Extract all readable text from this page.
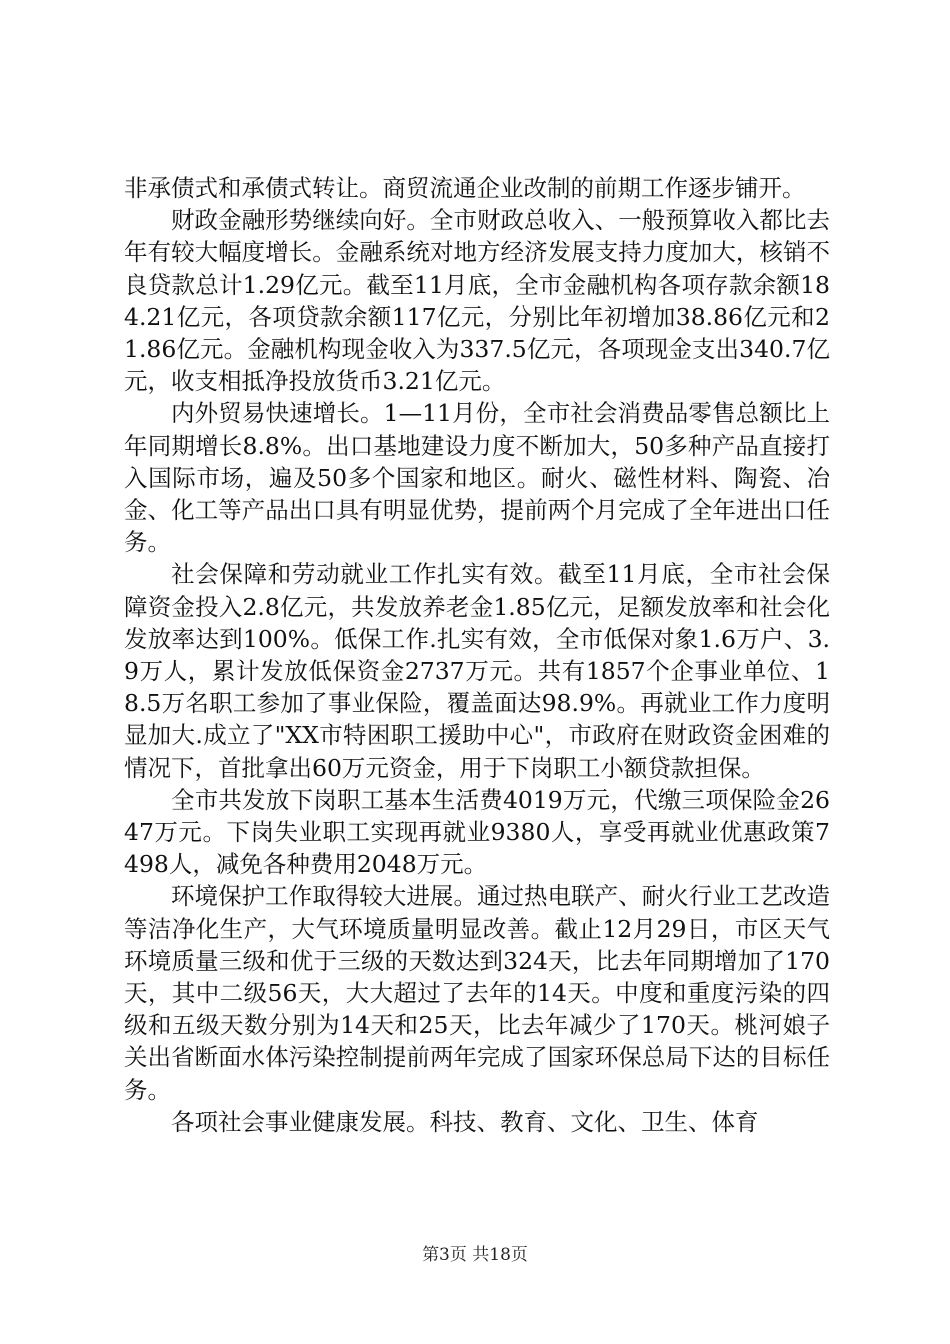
非承债式和承债式转让。商贸流通企业改制的前期工作逐步铺开。

财政金融形势继续向好。全市财政总收入、一般预算收入都比去年有较大幅度增长。金融系统对地方经济发展支持力度加大，核销不良贷款总计1.29亿元。截至11月底，全市金融机构各项存款余额184.21亿元，各项贷款余额117亿元，分别比年初增加38.86亿元和21.86亿元。金融机构现金收入为337.5亿元，各项现金支出340.7亿元，收支相抵净投放货币3.21亿元。

内外贸易快速增长。1—11月份，全市社会消费品零售总额比上年同期增长8.8%。出口基地建设力度不断加大，50多种产品直接打入国际市场，遍及50多个国家和地区。耐火、磁性材料、陶瓷、冶金、化工等产品出口具有明显优势，提前两个月完成了全年进出口任务。

社会保障和劳动就业工作扎实有效。截至11月底，全市社会保障资金投入2.8亿元，共发放养老金1.85亿元，足额发放率和社会化发放率达到100%。低保工作.扎实有效，全市低保对象1.6万户、3.9万人，累计发放低保资金2737万元。共有1857个企事业单位、18.5万名职工参加了事业保险，覆盖面达98.9%。再就业工作力度明显加大.成立了"XX市特困职工援助中心"，市政府在财政资金困难的情况下，首批拿出60万元资金，用于下岗职工小额贷款担保。

全市共发放下岗职工基本生活费4019万元，代缴三项保险金2647万元。下岗失业职工实现再就业9380人，享受再就业优惠政策7498人，减免各种费用2048万元。

环境保护工作取得较大进展。通过热电联产、耐火行业工艺改造等洁净化生产，大气环境质量明显改善。截止12月29日，市区天气环境质量三级和优于三级的天数达到324天，比去年同期增加了170天，其中二级56天，大大超过了去年的14天。中度和重度污染的四级和五级天数分别为14天和25天，比去年减少了170天。桃河娘子关出省断面水体污染控制提前两年完成了国家环保总局下达的目标任务。

各项社会事业健康发展。科技、教育、文化、卫生、体育

第3页 共18页
